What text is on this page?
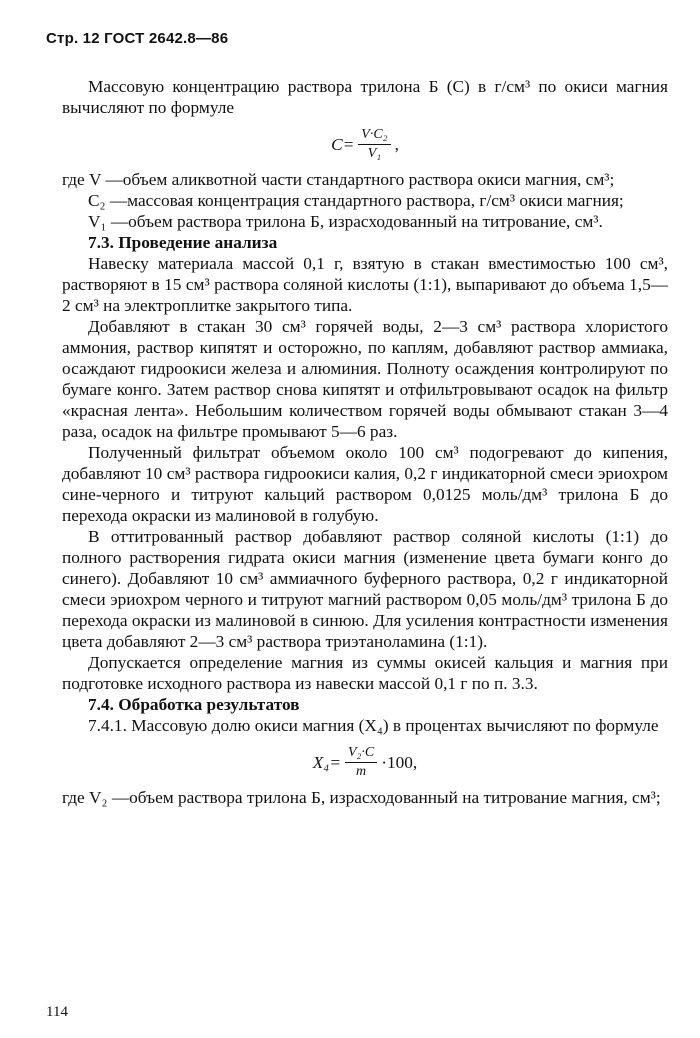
Стр. 12 ГОСТ 2642.8—86

Массовую концентрацию раствора трилона Б (C) в г/см³ по окиси магния вычисляют по формуле

$C= \frac{\text{V·C₂}}{\text{V₁}}$ ,
где V — объем аликвотной части стандартного раствора окиси магния, см³;
C₂ — массовая концентрация стандартного раствора, г/см³ окиси магния;
V₁ — объем раствора трилона Б, израсходованный на титрование, см³.

7.3. Проведение анализа

Навеску материала массой 0,1 г, взятую в стакан вместимостью 100 см³, растворяют в 15 см³ раствора соляной кислоты (1:1), выпаривают до объема 1,5—2 см³ на электроплитке закрытого типа.

Добавляют в стакан 30 см³ горячей воды, 2—3 см³ раствора хлористого аммония, раствор кипятят и осторожно, по каплям, добавляют раствор аммиака, осаждают гидроокиси железа и алюминия. Полноту осаждения контролируют по бумаге конго. Затем раствор снова кипятят и отфильтровывают осадок на фильтр «красная лента». Небольшим количеством горячей воды обмывают стакан 3—4 раза, осадок на фильтре промывают 5—6 раз.

Полученный фильтрат объемом около 100 см³ подогревают до кипения, добавляют 10 см³ раствора гидроокиси калия, 0,2 г индикаторной смеси эриохром сине-черного и титруют кальций раствором 0,0125 моль/дм³ трилона Б до перехода окраски из малиновой в голубую.

В оттитрованный раствор добавляют раствор соляной кислоты (1:1) до полного растворения гидрата окиси магния (изменение цвета бумаги конго до синего). Добавляют 10 см³ аммиачного буферного раствора, 0,2 г индикаторной смеси эриохром черного и титруют магний раствором 0,05 моль/дм³ трилона Б до перехода окраски из малиновой в синюю. Для усиления контрастности изменения цвета добавляют 2—3 см³ раствора триэтаноламина (1:1).

Допускается определение магния из суммы окисей кальция и магния при подготовке исходного раствора из навески массой 0,1 г по п. 3.3.

7.4. Обработка результатов

7.4.1. Массовую долю окиси магния (X₄) в процентах вычисляют по формуле

$X_4= \frac{\text{V₂·C}}{m} \cdot 100$,
где V₂ — объем раствора трилона Б, израсходованный на титрование магния, см³;
114
